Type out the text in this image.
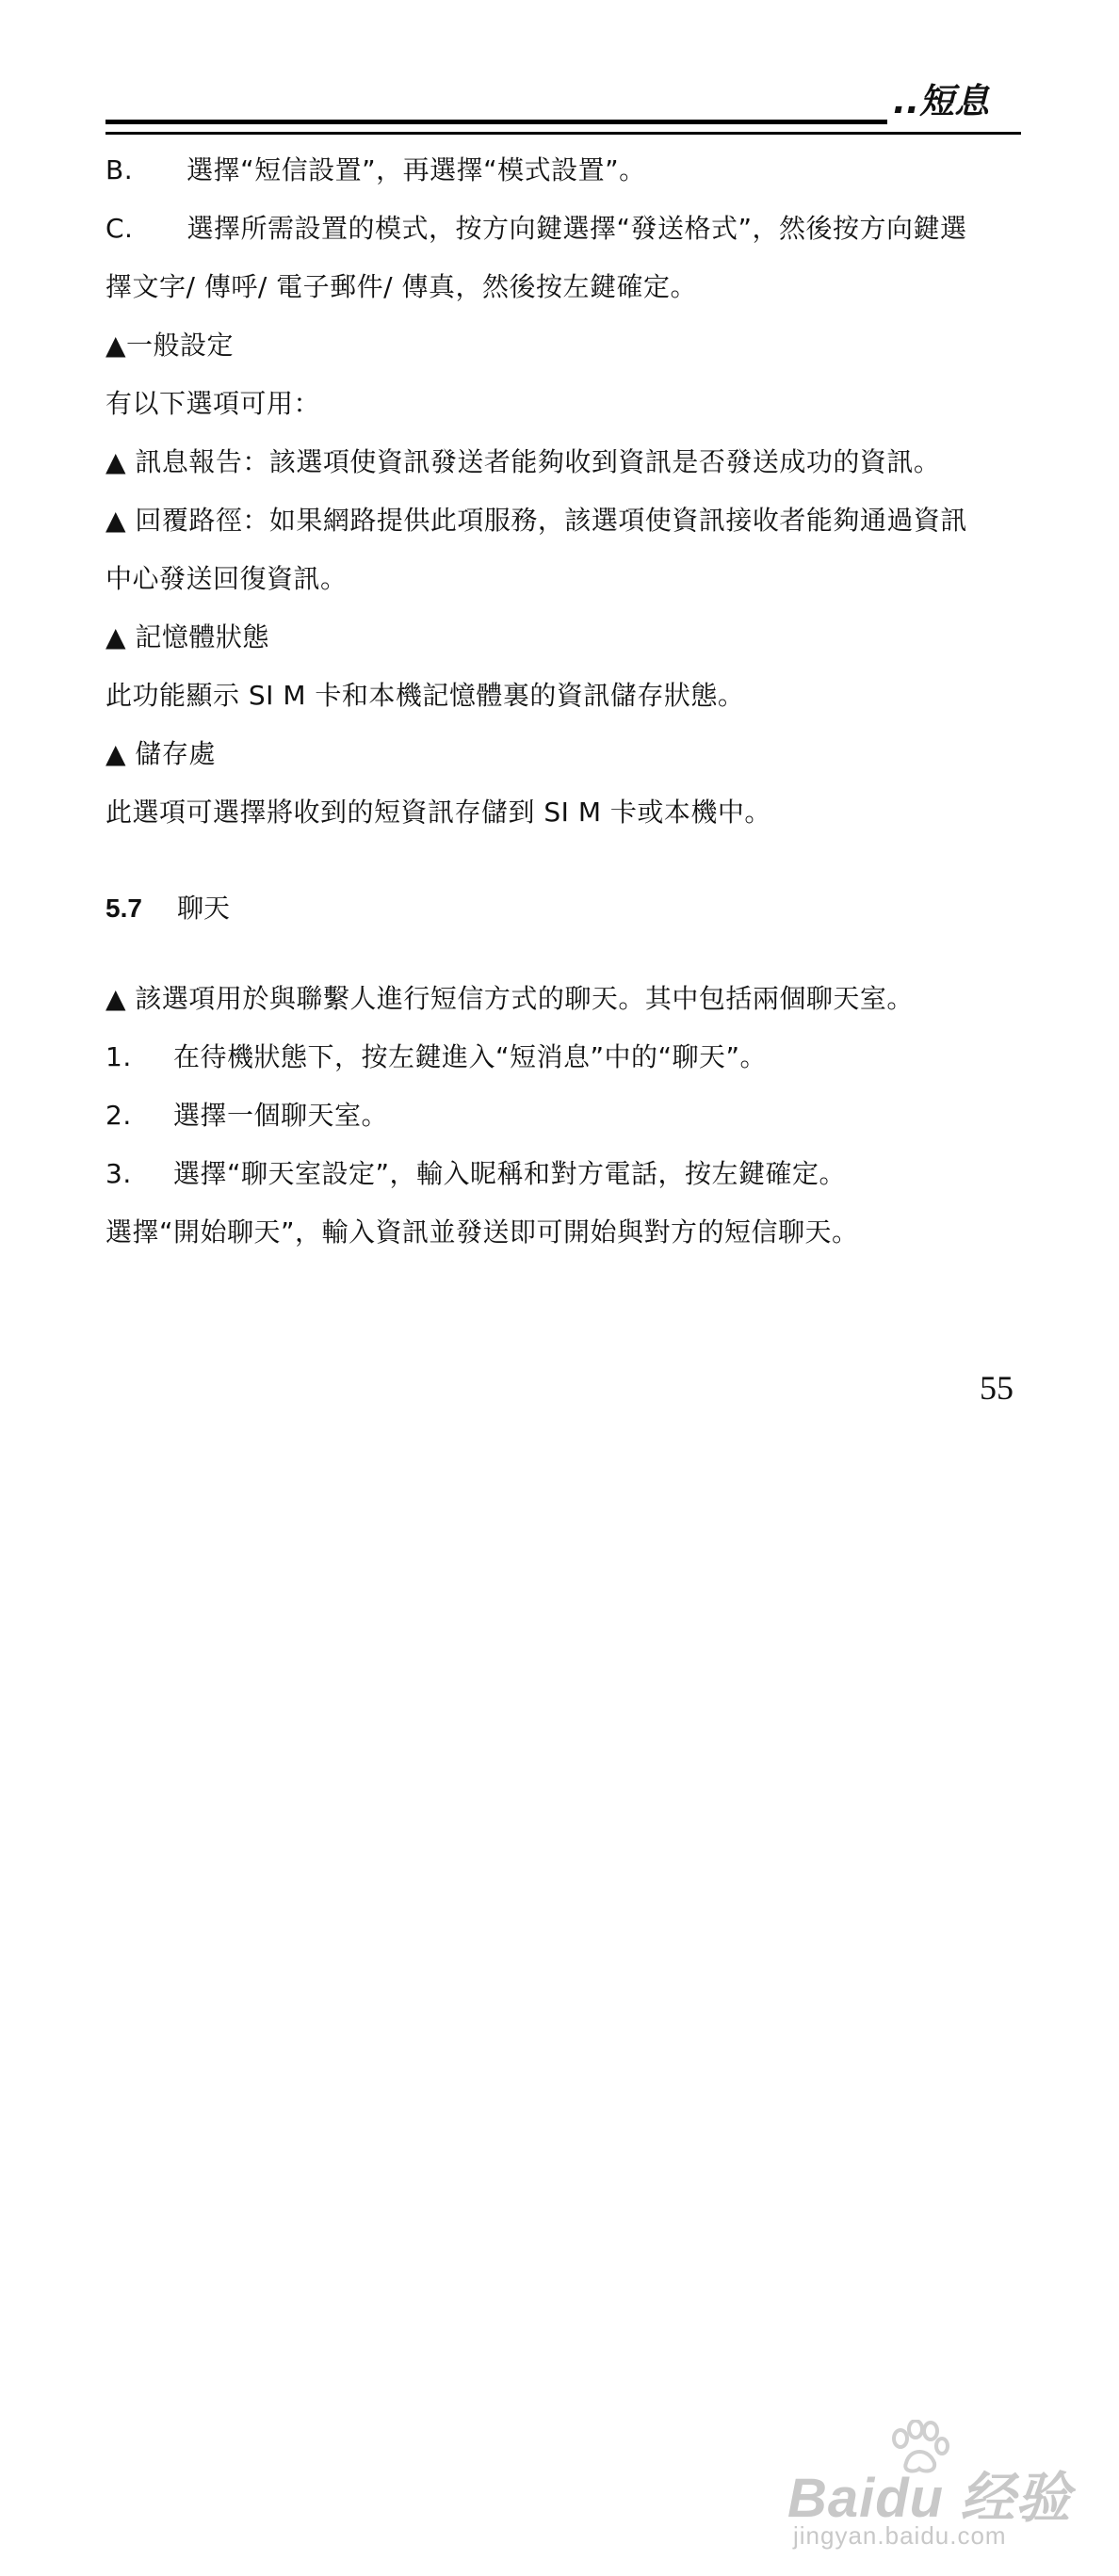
..短息
B.　　選擇“短信設置”，再選擇“模式設置”。
C.　　選擇所需設置的模式，按方向鍵選擇“發送格式”，然後按方向鍵選
擇文字/ 傳呼/ 電子郵件/ 傳真，然後按左鍵確定。
▲一般設定
有以下選項可用：
▲ 訊息報告：該選項使資訊發送者能夠收到資訊是否發送成功的資訊。
▲ 回覆路徑：如果網路提供此項服務，該選項使資訊接收者能夠通過資訊
中心發送回復資訊。
▲ 記憶體狀態
此功能顯示 SI M 卡和本機記憶體裏的資訊儲存狀態。
▲ 儲存處
此選項可選擇將收到的短資訊存儲到 SI M 卡或本機中。
5.7 聊天
▲ 該選項用於與聯繫人進行短信方式的聊天。其中包括兩個聊天室。
1. 在待機狀態下，按左鍵進入“短消息”中的“聊天”。
2. 選擇一個聊天室。
3. 選擇“聊天室設定”，輸入昵稱和對方電話，按左鍵確定。
選擇“開始聊天”，輸入資訊並發送即可開始與對方的短信聊天。
55
Baidu 经验
jingyan.baidu.com
